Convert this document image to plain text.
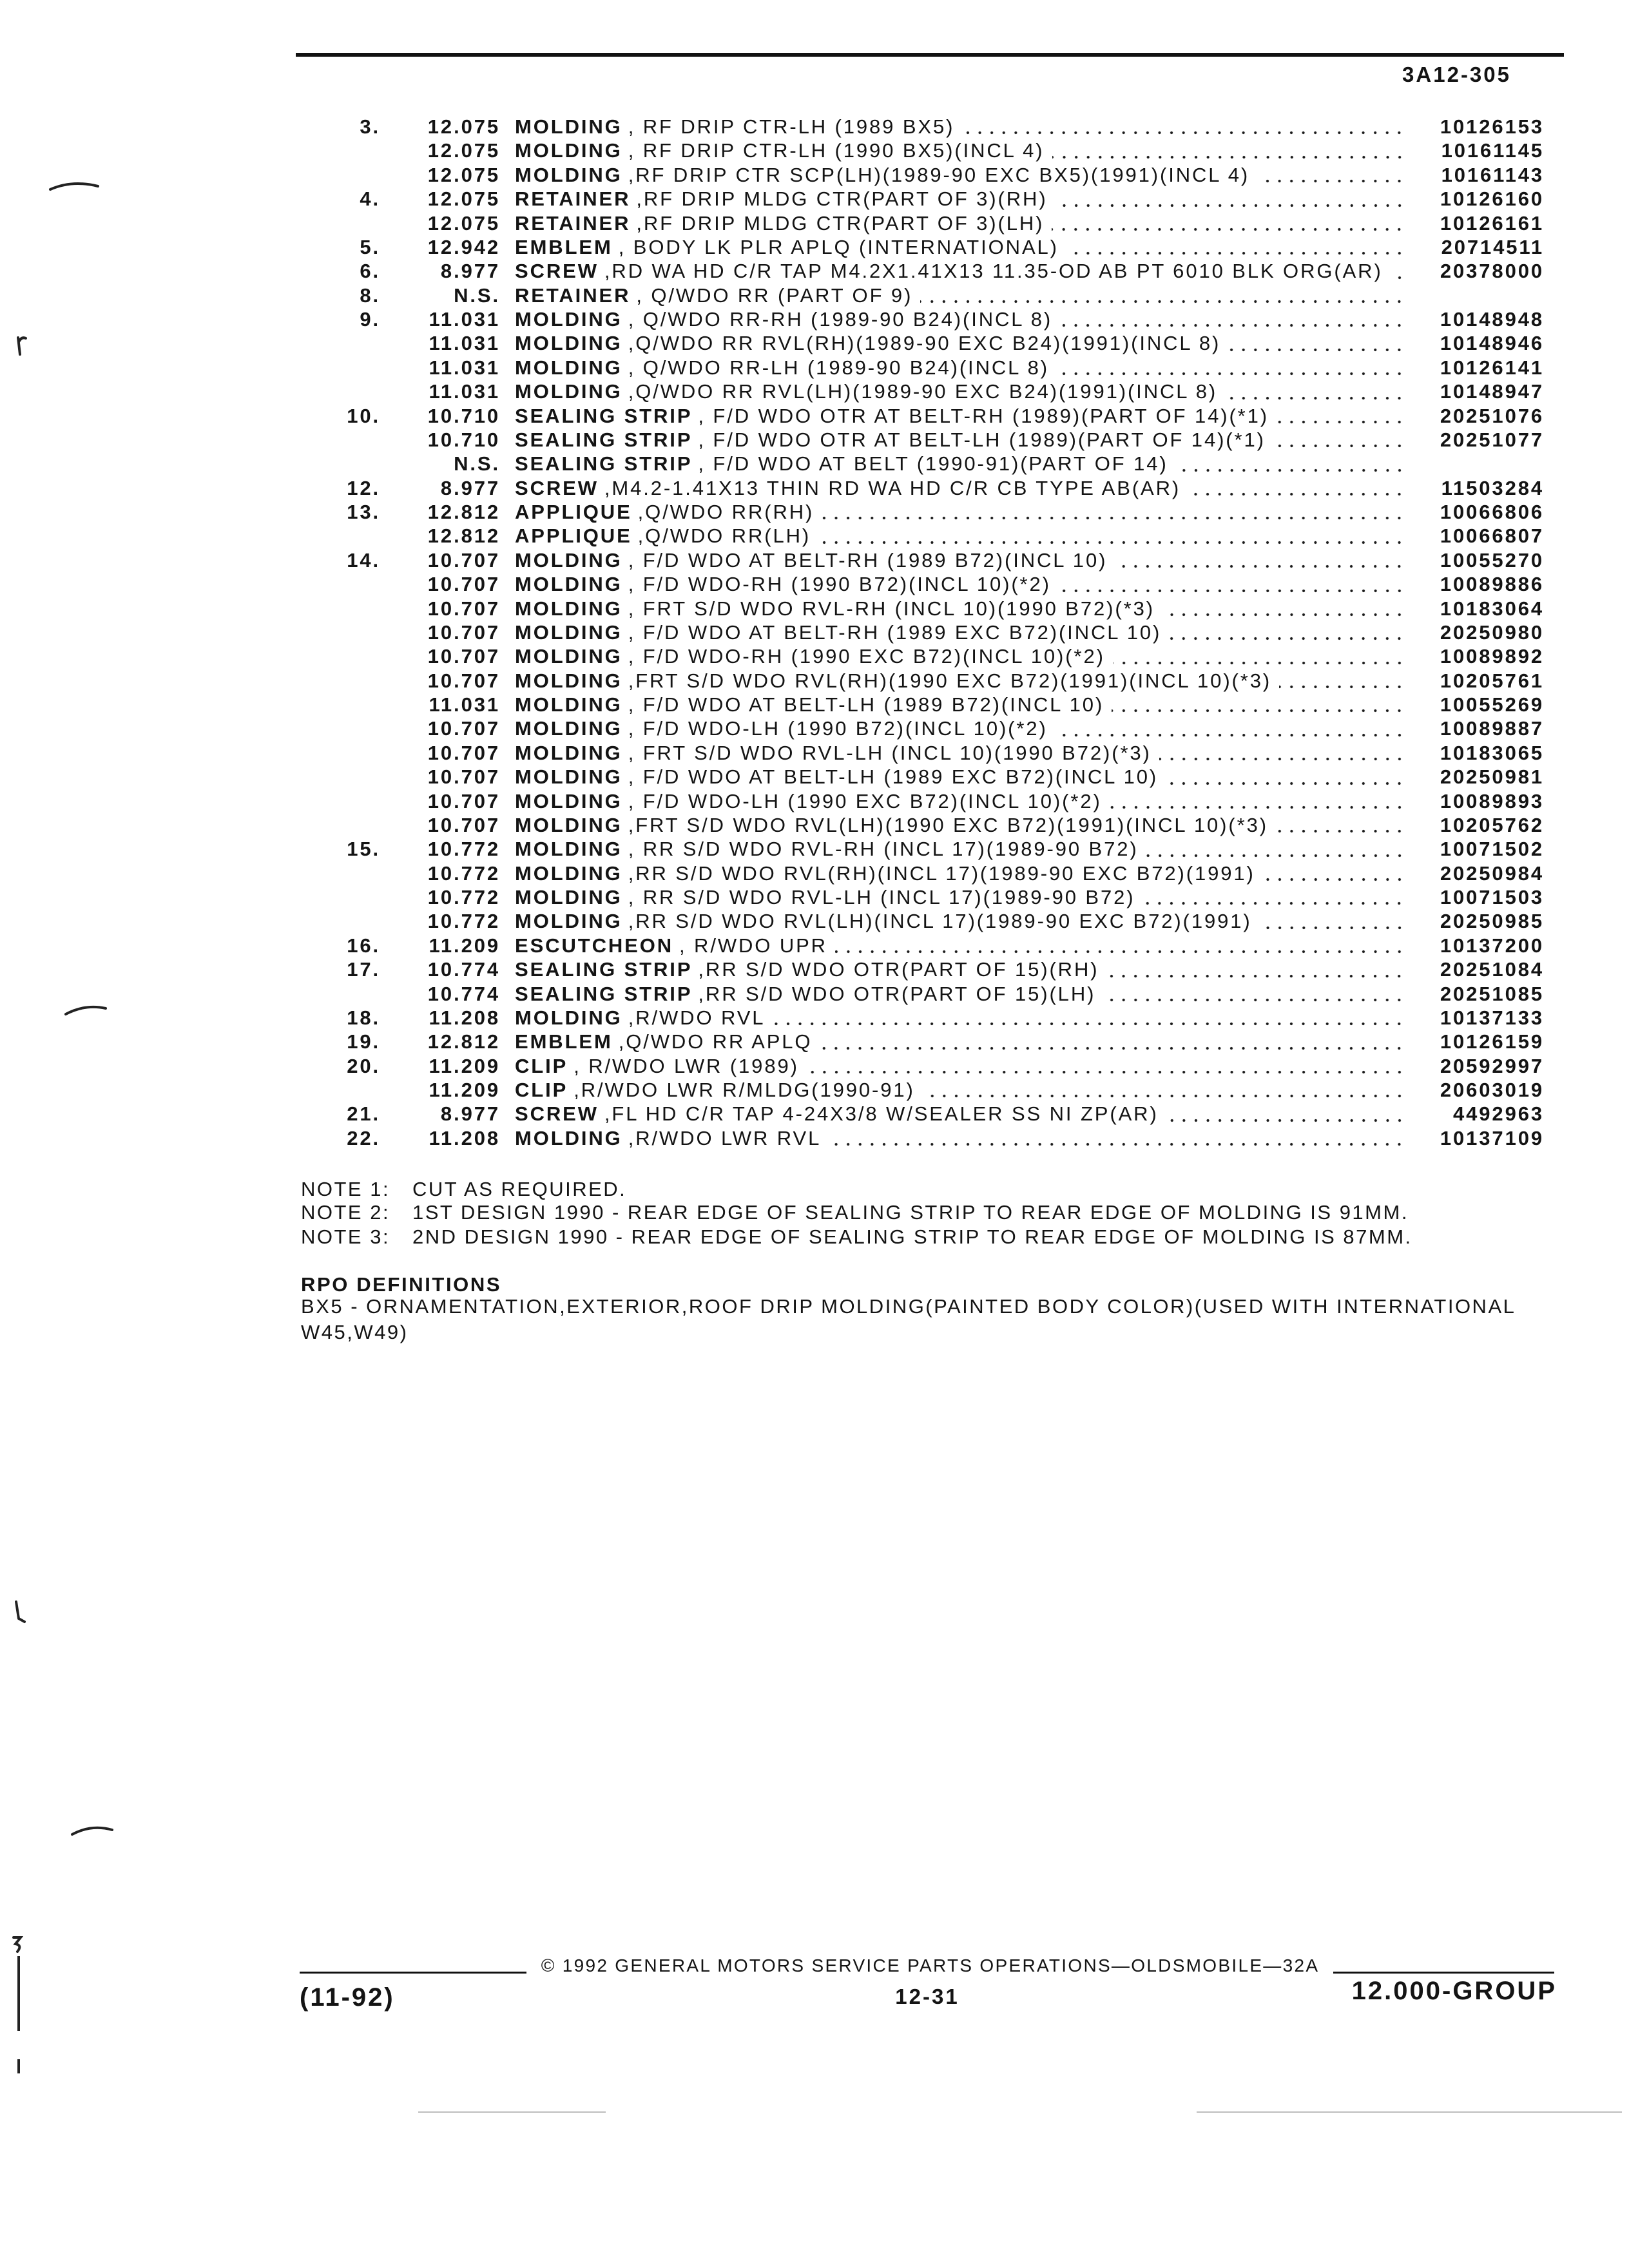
3A12-305
3.	12.075 MOLDING , RF DRIP CTR-LH (1989 BX5)	10126153
12.075 MOLDING , RF DRIP CTR-LH (1990 BX5)(INCL 4)	10161145
12.075 MOLDING ,RF DRIP CTR SCP(LH)(1989-90 EXC BX5)(1991)(INCL 4)	10161143
4.	12.075 RETAINER ,RF DRIP MLDG CTR(PART OF 3)(RH)	10126160
12.075 RETAINER ,RF DRIP MLDG CTR(PART OF 3)(LH)	10126161
5.	12.942 EMBLEM , BODY LK PLR APLQ (INTERNATIONAL)	20714511
6.	8.977 SCREW ,RD WA HD C/R TAP M4.2X1.41X13 11.35-OD AB PT 6010 BLK ORG(AR)	20378000
8.	N.S. RETAINER , Q/WDO RR (PART OF 9)
9.	11.031 MOLDING , Q/WDO RR-RH (1989-90 B24)(INCL 8)	10148948
11.031 MOLDING ,Q/WDO RR RVL(RH)(1989-90 EXC B24)(1991)(INCL 8)	10148946
11.031 MOLDING , Q/WDO RR-LH (1989-90 B24)(INCL 8)	10126141
11.031 MOLDING ,Q/WDO RR RVL(LH)(1989-90 EXC B24)(1991)(INCL 8)	10148947
10.	10.710 SEALING STRIP , F/D WDO OTR AT BELT-RH (1989)(PART OF 14)(*1)	20251076
10.710 SEALING STRIP , F/D WDO OTR AT BELT-LH (1989)(PART OF 14)(*1)	20251077
N.S. SEALING STRIP , F/D WDO AT BELT (1990-91)(PART OF 14)
12.	8.977 SCREW ,M4.2-1.41X13 THIN RD WA HD C/R CB TYPE AB(AR)	11503284
13.	12.812 APPLIQUE ,Q/WDO RR(RH)	10066806
12.812 APPLIQUE ,Q/WDO RR(LH)	10066807
14.	10.707 MOLDING , F/D WDO AT BELT-RH (1989 B72)(INCL 10)	10055270
10.707 MOLDING , F/D WDO-RH (1990 B72)(INCL 10)(*2)	10089886
10.707 MOLDING , FRT S/D WDO RVL-RH (INCL 10)(1990 B72)(*3)	10183064
10.707 MOLDING , F/D WDO AT BELT-RH (1989 EXC B72)(INCL 10)	20250980
10.707 MOLDING , F/D WDO-RH (1990 EXC B72)(INCL 10)(*2)	10089892
10.707 MOLDING ,FRT S/D WDO RVL(RH)(1990 EXC B72)(1991)(INCL 10)(*3)	10205761
11.031 MOLDING , F/D WDO AT BELT-LH (1989 B72)(INCL 10)	10055269
10.707 MOLDING , F/D WDO-LH (1990 B72)(INCL 10)(*2)	10089887
10.707 MOLDING , FRT S/D WDO RVL-LH (INCL 10)(1990 B72)(*3)	10183065
10.707 MOLDING , F/D WDO AT BELT-LH (1989 EXC B72)(INCL 10)	20250981
10.707 MOLDING , F/D WDO-LH (1990 EXC B72)(INCL 10)(*2)	10089893
10.707 MOLDING ,FRT S/D WDO RVL(LH)(1990 EXC B72)(1991)(INCL 10)(*3)	10205762
15.	10.772 MOLDING , RR S/D WDO RVL-RH (INCL 17)(1989-90 B72)	10071502
10.772 MOLDING ,RR S/D WDO RVL(RH)(INCL 17)(1989-90 EXC B72)(1991)	20250984
10.772 MOLDING , RR S/D WDO RVL-LH (INCL 17)(1989-90 B72)	10071503
10.772 MOLDING ,RR S/D WDO RVL(LH)(INCL 17)(1989-90 EXC B72)(1991)	20250985
16.	11.209 ESCUTCHEON , R/WDO UPR	10137200
17.	10.774 SEALING STRIP ,RR S/D WDO OTR(PART OF 15)(RH)	20251084
10.774 SEALING STRIP ,RR S/D WDO OTR(PART OF 15)(LH)	20251085
18.	11.208 MOLDING ,R/WDO RVL	10137133
19.	12.812 EMBLEM ,Q/WDO RR APLQ	10126159
20.	11.209 CLIP , R/WDO LWR (1989)	20592997
11.209 CLIP ,R/WDO LWR R/MLDG(1990-91)	20603019
21.	8.977 SCREW ,FL HD C/R TAP 4-24X3/8 W/SEALER SS NI ZP(AR)	4492963
22.	11.208 MOLDING ,R/WDO LWR RVL	10137109
NOTE 1: CUT AS REQUIRED.
NOTE 2: 1ST DESIGN 1990 - REAR EDGE OF SEALING STRIP TO REAR EDGE OF MOLDING IS 91MM.
NOTE 3: 2ND DESIGN 1990 - REAR EDGE OF SEALING STRIP TO REAR EDGE OF MOLDING IS 87MM.
RPO DEFINITIONS
BX5 - ORNAMENTATION,EXTERIOR,ROOF DRIP MOLDING(PAINTED BODY COLOR)(USED WITH INTERNATIONAL
W45,W49)
© 1992 GENERAL MOTORS SERVICE PARTS OPERATIONS—OLDSMOBILE—32A
(11-92)	12-31	12.000-GROUP
